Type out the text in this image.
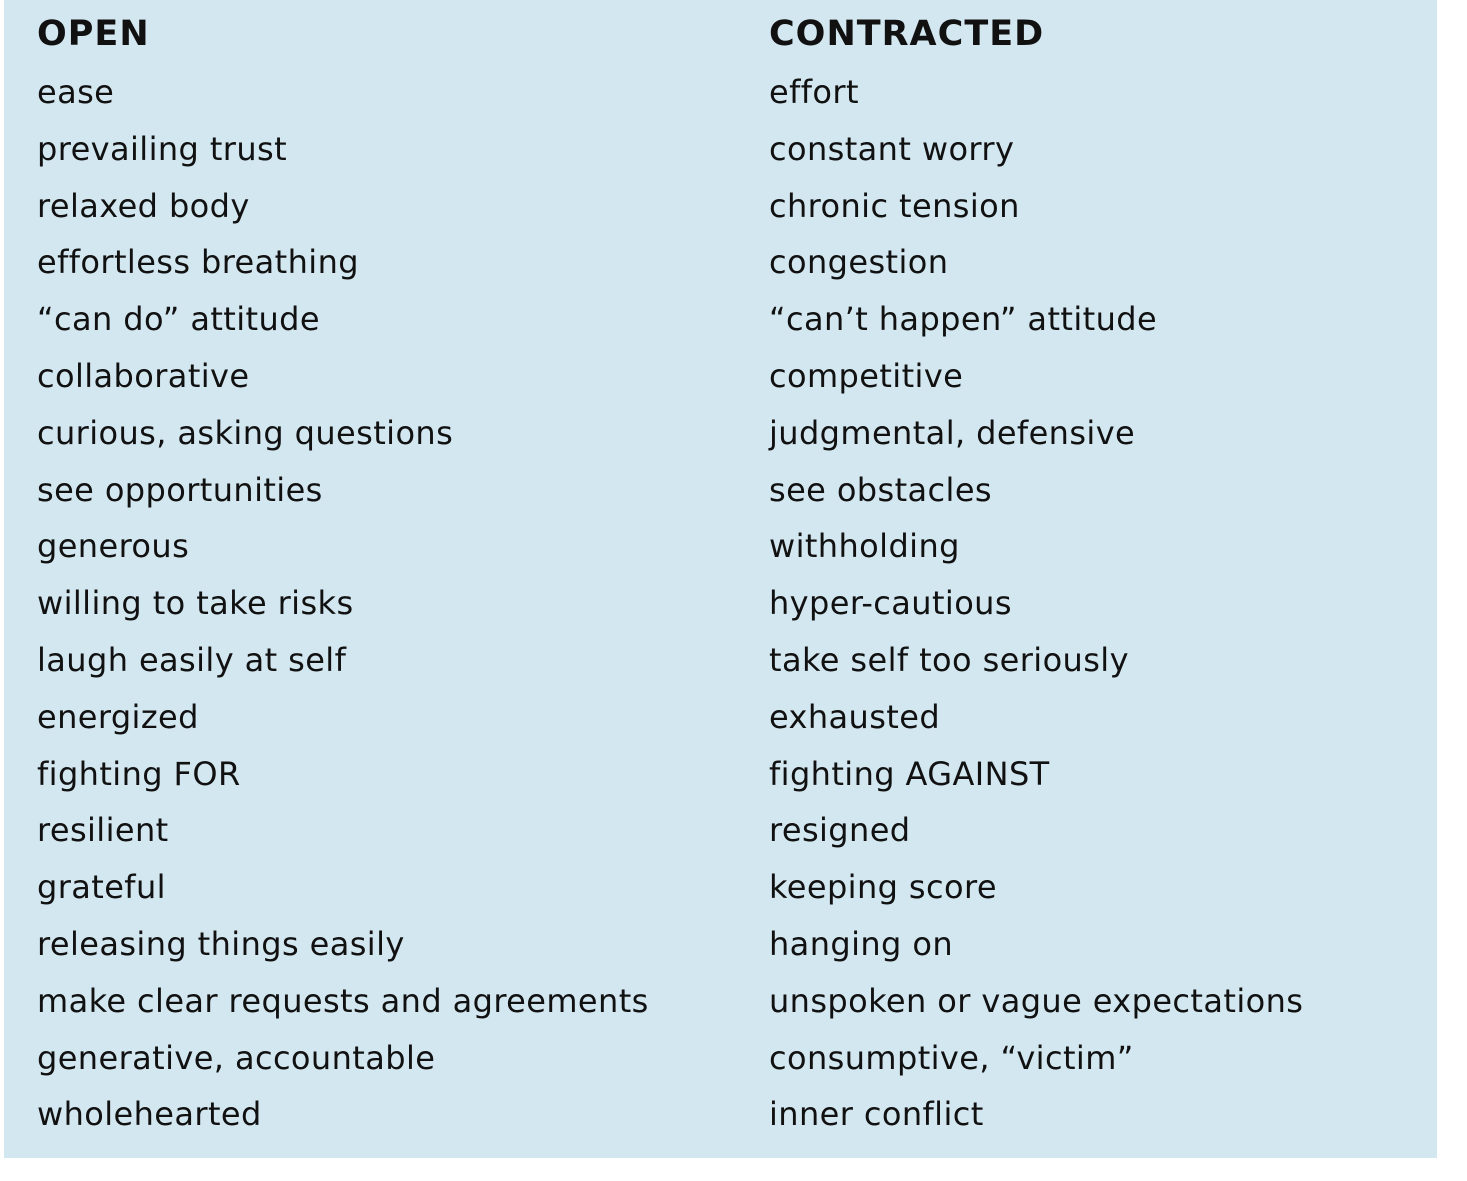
OPEN
ease
prevailing trust
relaxed body
effortless breathing
“can do” attitude
collaborative
curious, asking questions
see opportunities
generous
willing to take risks
laugh easily at self
energized
fighting FOR
resilient
grateful
releasing things easily
make clear requests and agreements
generative, accountable
wholehearted
CONTRACTED
effort
constant worry
chronic tension
congestion
“can’t happen” attitude
competitive
judgmental, defensive
see obstacles
withholding
hyper-cautious
take self too seriously
exhausted
fighting AGAINST
resigned
keeping score
hanging on
unspoken or vague expectations
consumptive, “victim”
inner conflict
